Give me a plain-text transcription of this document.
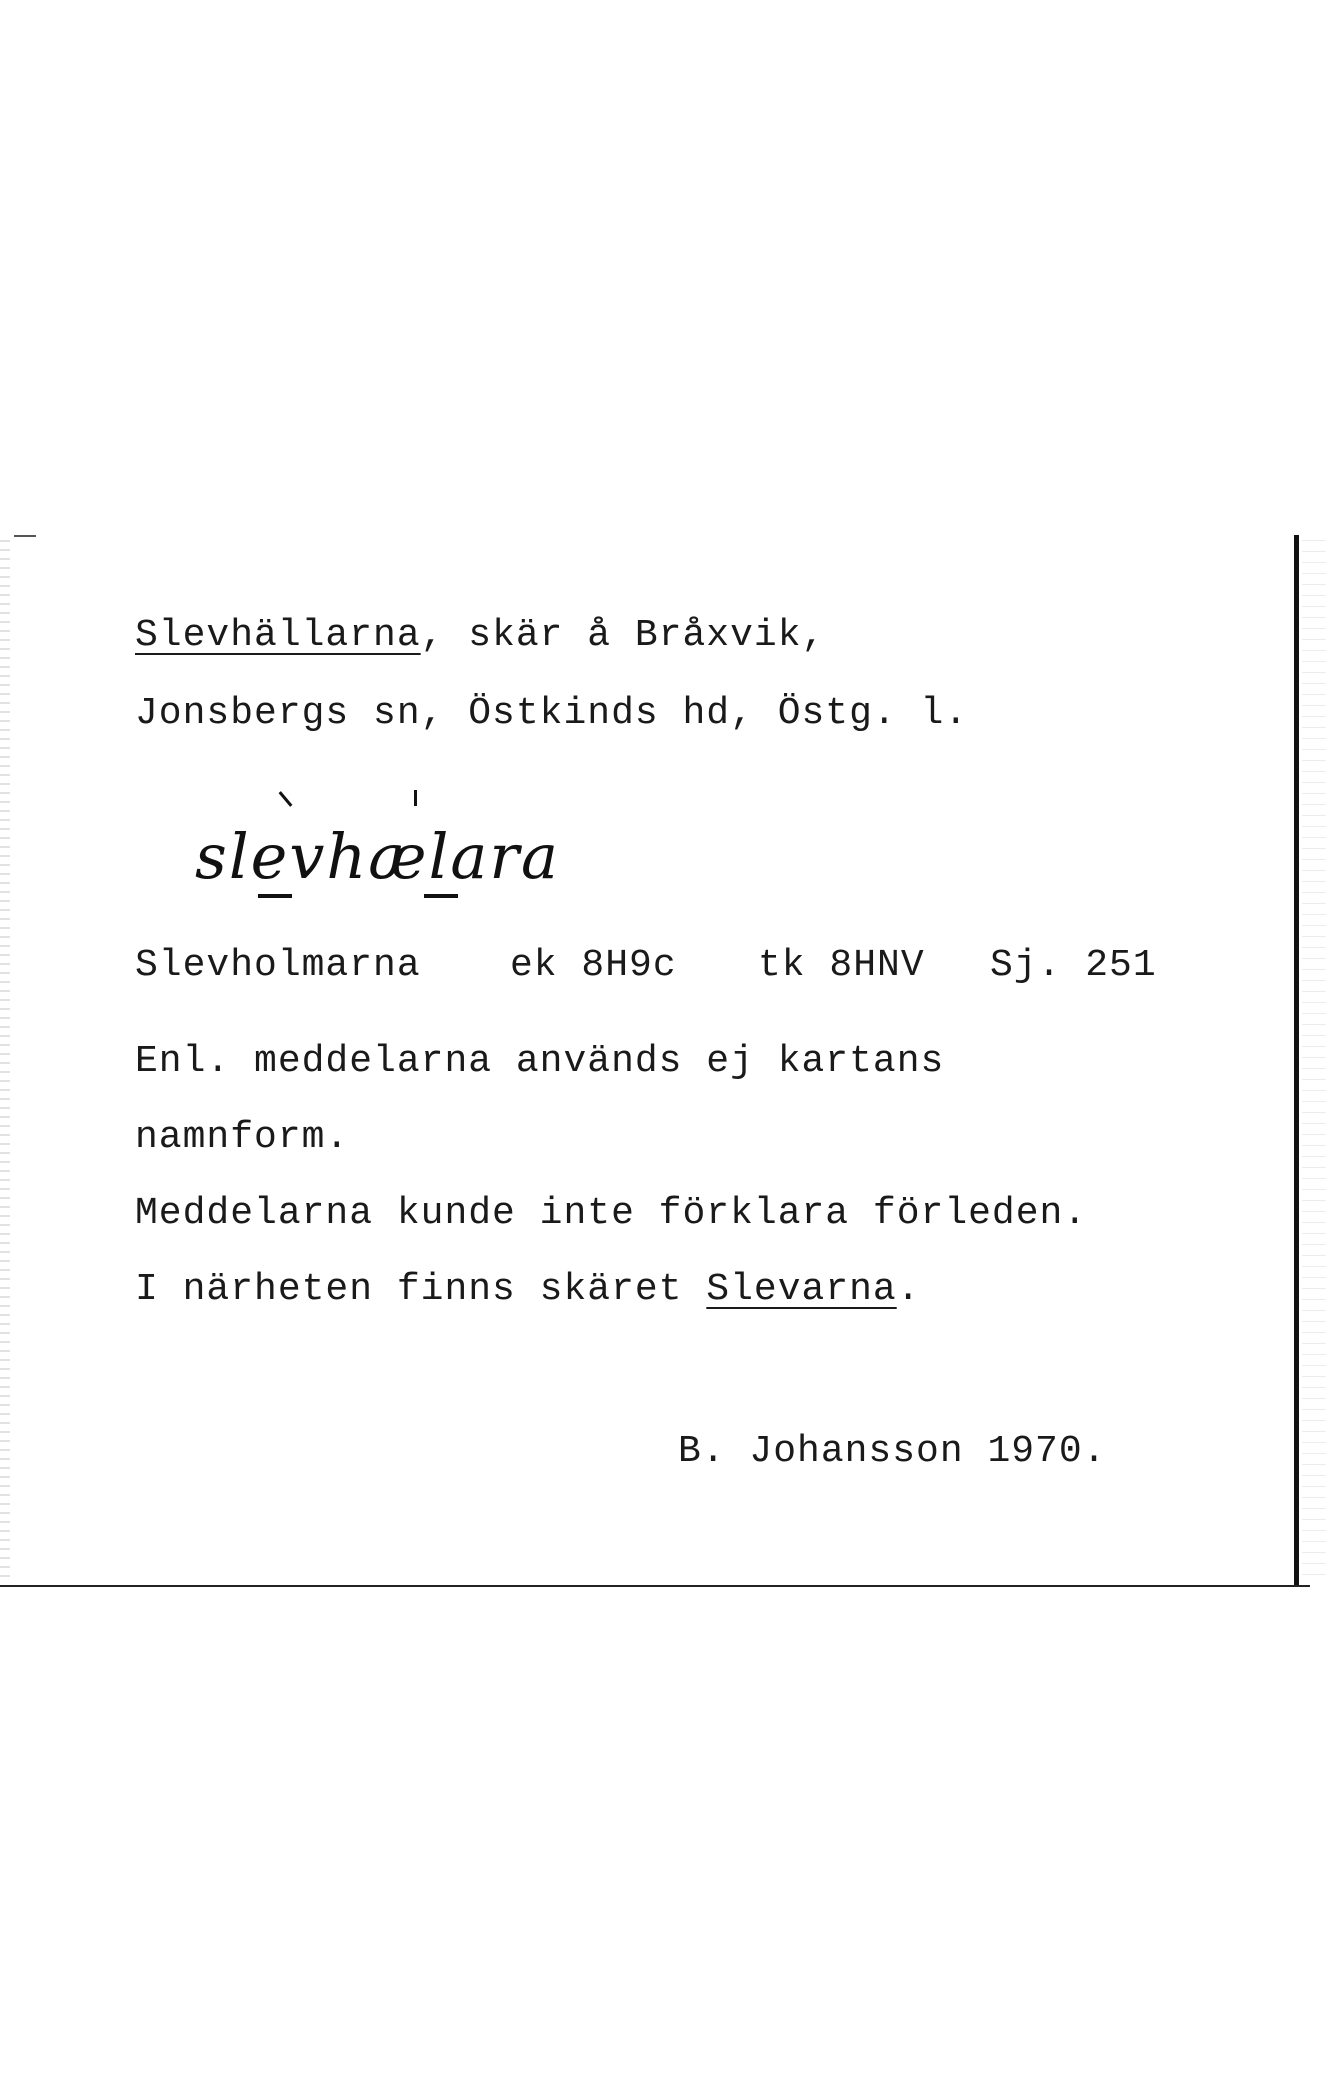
Slevhällarna, skär å Bråxvik,
Jonsbergs sn, Östkinds hd, Östg. l.
slevhælara
Slevholmarna ek 8H9c tk 8HNV Sj. 251
Enl. meddelarna används ej kartans
namnform.
Meddelarna kunde inte förklara förleden.
I närheten finns skäret Slevarna.
B. Johansson 1970.
